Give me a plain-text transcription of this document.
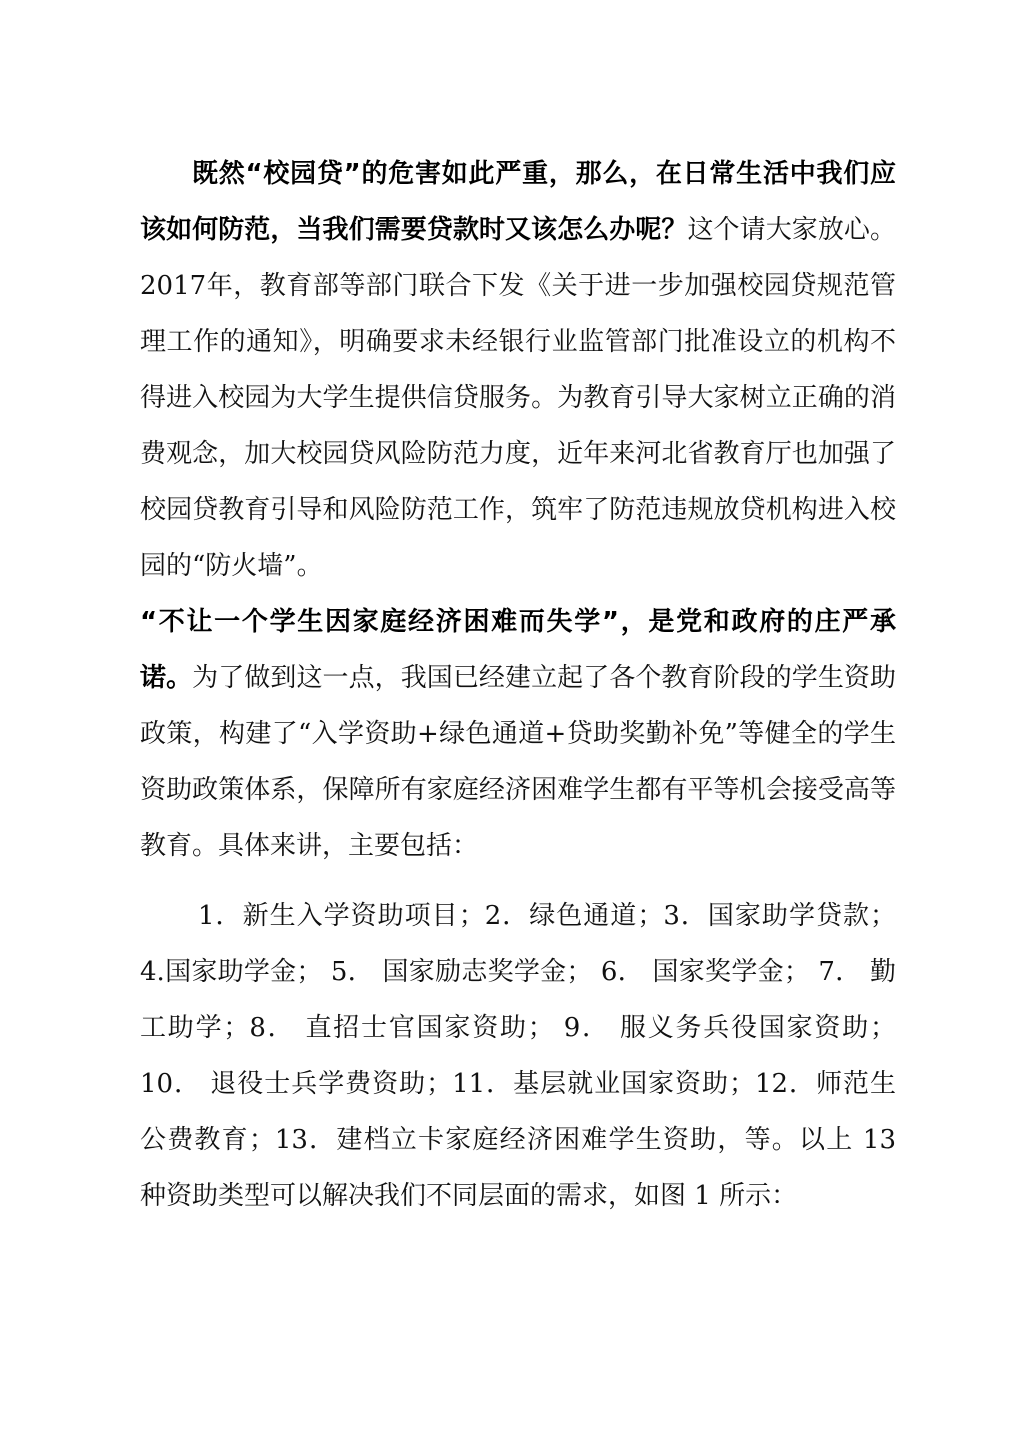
既然“校园贷”的危害如此严重，那么，在日常生活中我们应该如何防范，当我们需要贷款时又该怎么办呢？这个请大家放心。2017年，教育部等部门联合下发《关于进一步加强校园贷规范管理工作的通知》，明确要求未经银行业监管部门批准设立的机构不得进入校园为大学生提供信贷服务。为教育引导大家树立正确的消费观念，加大校园贷风险防范力度，近年来河北省教育厅也加强了校园贷教育引导和风险防范工作，筑牢了防范违规放贷机构进入校园的“防火墙”。

“不让一个学生因家庭经济困难而失学”，是党和政府的庄严承诺。为了做到这一点，我国已经建立起了各个教育阶段的学生资助政策，构建了“入学资助+绿色通道+贷助奖勤补免”等健全的学生资助政策体系，保障所有家庭经济困难学生都有平等机会接受高等教育。具体来讲，主要包括：

1．新生入学资助项目；2．绿色通道；3．国家助学贷款；4.国家助学金； 5． 国家励志奖学金； 6． 国家奖学金； 7． 勤工助学；8． 直招士官国家资助； 9． 服义务兵役国家资助； 10． 退役士兵学费资助；11．基层就业国家资助；12．师范生公费教育；13．建档立卡家庭经济困难学生资助，等。以上 13 种资助类型可以解决我们不同层面的需求，如图 1 所示：
